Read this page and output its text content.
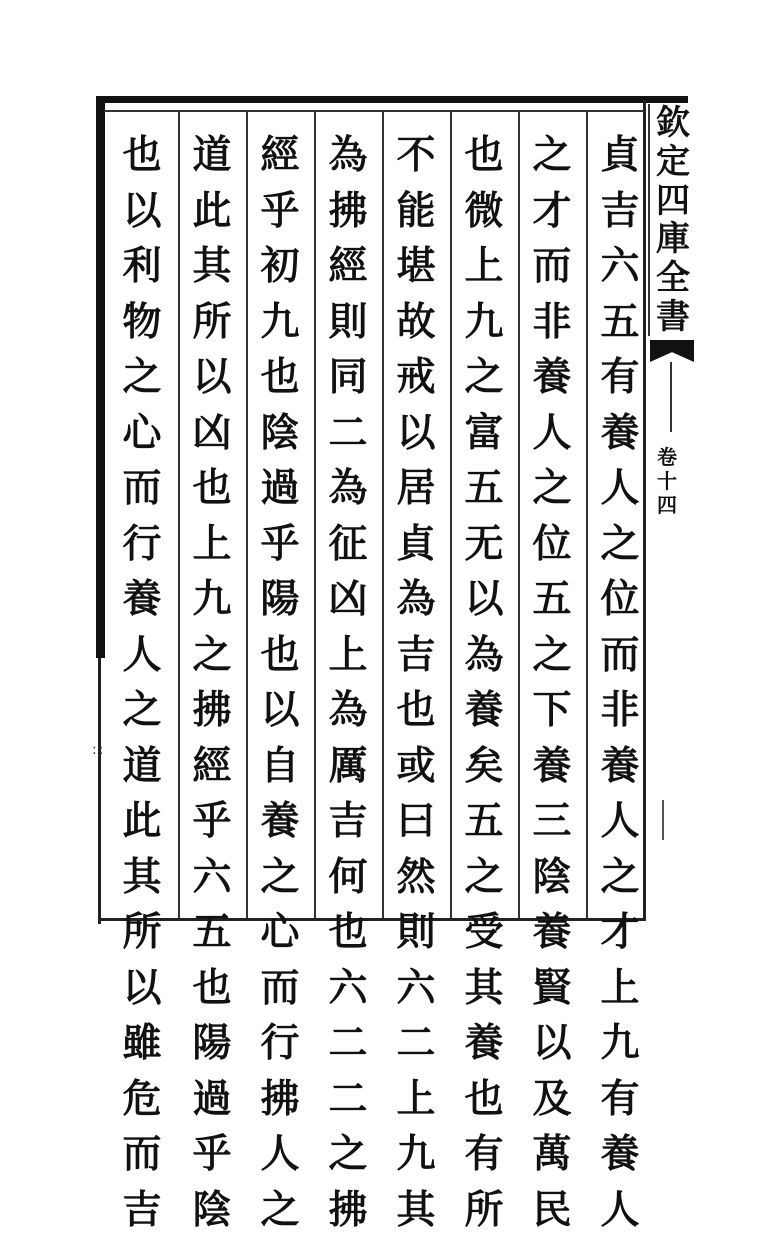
欽
定
四
庫
全
書
卷
十
四
::
貞
吉
六
五
有
養
人
之
位
而
非
養
人
之
才
上
九
有
養
人
之
才
而
非
養
人
之
位
五
之
下
養
三
陰
養
賢
以
及
萬
民
也
微
上
九
之
富
五
无
以
為
養
矣
五
之
受
其
養
也
有
所
不
能
堪
故
戒
以
居
貞
為
吉
也
或
曰
然
則
六
二
上
九
其
為
拂
經
則
同
二
為
征
凶
上
為
厲
吉
何
也
六
二
二
之
拂
經
乎
初
九
也
陰
過
乎
陽
也
以
自
養
之
心
而
行
拂
人
之
道
此
其
所
以
凶
也
上
九
之
拂
經
乎
六
五
也
陽
過
乎
陰
也
以
利
物
之
心
而
行
養
人
之
道
此
其
所
以
雖
危
而
吉
